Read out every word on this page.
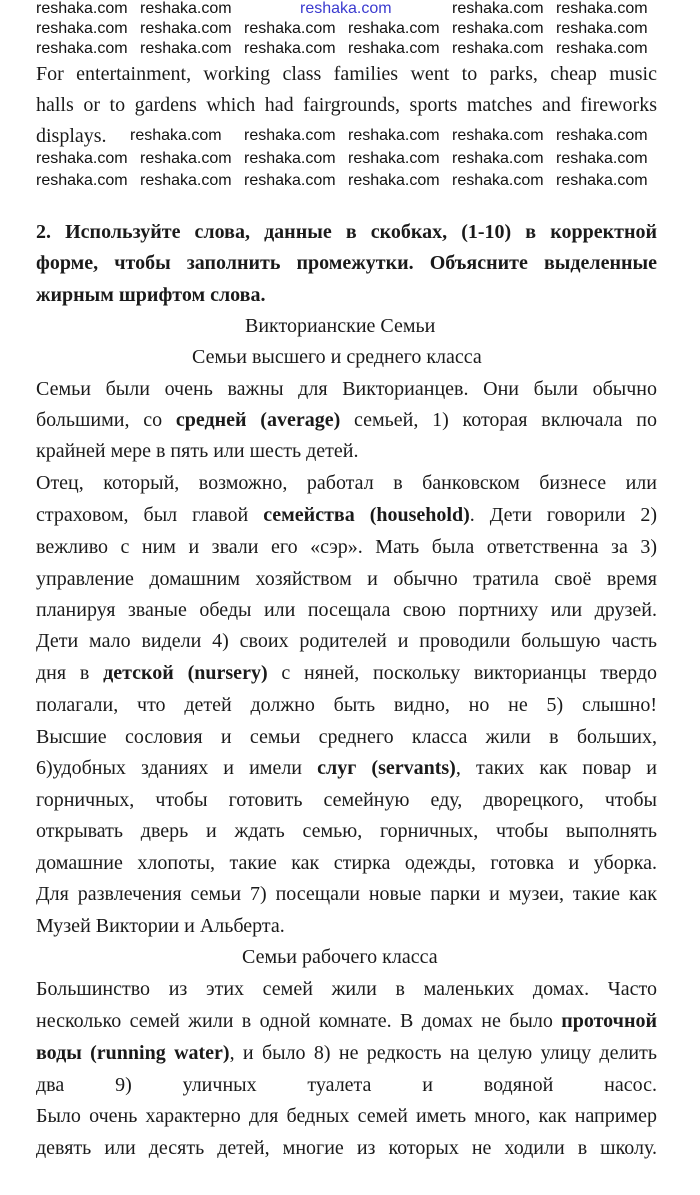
For entertainment, working class families went to parks, cheap music
halls or to gardens which had fairgrounds, sports matches and fireworks
displays.
2. Используйте слова, данные в скобках, (1-10) в корректной
форме, чтобы заполнить промежутки. Объясните выделенные
жирным шрифтом слова.
Викторианские Семьи
Семьи высшего и среднего класса
Семьи были очень важны для Викторианцев. Они были обычно
большими, со средней (average) семьей, 1) которая включала по
крайней мере в пять или шесть детей.
Отец, который, возможно, работал в банковском бизнесе или
страховом, был главой семейства (household). Дети говорили 2)
вежливо с ним и звали его «сэр». Мать была ответственна за 3)
управление домашним хозяйством и обычно тратила своё время
планируя званые обеды или посещала свою портниху или друзей.
Дети мало видели 4) своих родителей и проводили большую часть
дня в детской (nursery) с няней, поскольку викторианцы твердо
полагали, что детей должно быть видно, но не 5) слышно!
Высшие сословия и семьи среднего класса жили в больших,
6)удобных зданиях и имели слуг (servants), таких как повар и
горничных, чтобы готовить семейную еду, дворецкого, чтобы
открывать дверь и ждать семью, горничных, чтобы выполнять
домашние хлопоты, такие как стирка одежды, готовка и уборка.
Для развлечения семьи 7) посещали новые парки и музеи, такие как
Музей Виктории и Альберта.
Семьи рабочего класса
Большинство из этих семей жили в маленьких домах. Часто
несколько семей жили в одной комнате. В домах не было проточной
воды (running water), и было 8) не редкость на целую улицу делить
два 9) уличных туалета и водяной насос.
Было очень характерно для бедных семей иметь много, как например
девять или десять детей, многие из которых не ходили в школу.
reshaka.com reshaka.com	reshaka.com	reshaka.com reshaka.com
reshaka.com reshaka.com reshaka.com reshaka.com reshaka.com reshaka.com
reshaka.com reshaka.com reshaka.com reshaka.com reshaka.com reshaka.com
reshaka.com reshaka.com reshaka.com reshaka.com reshaka.com
reshaka.com reshaka.com reshaka.com reshaka.com reshaka.com reshaka.com
reshaka.com reshaka.com reshaka.com reshaka.com reshaka.com reshaka.com
